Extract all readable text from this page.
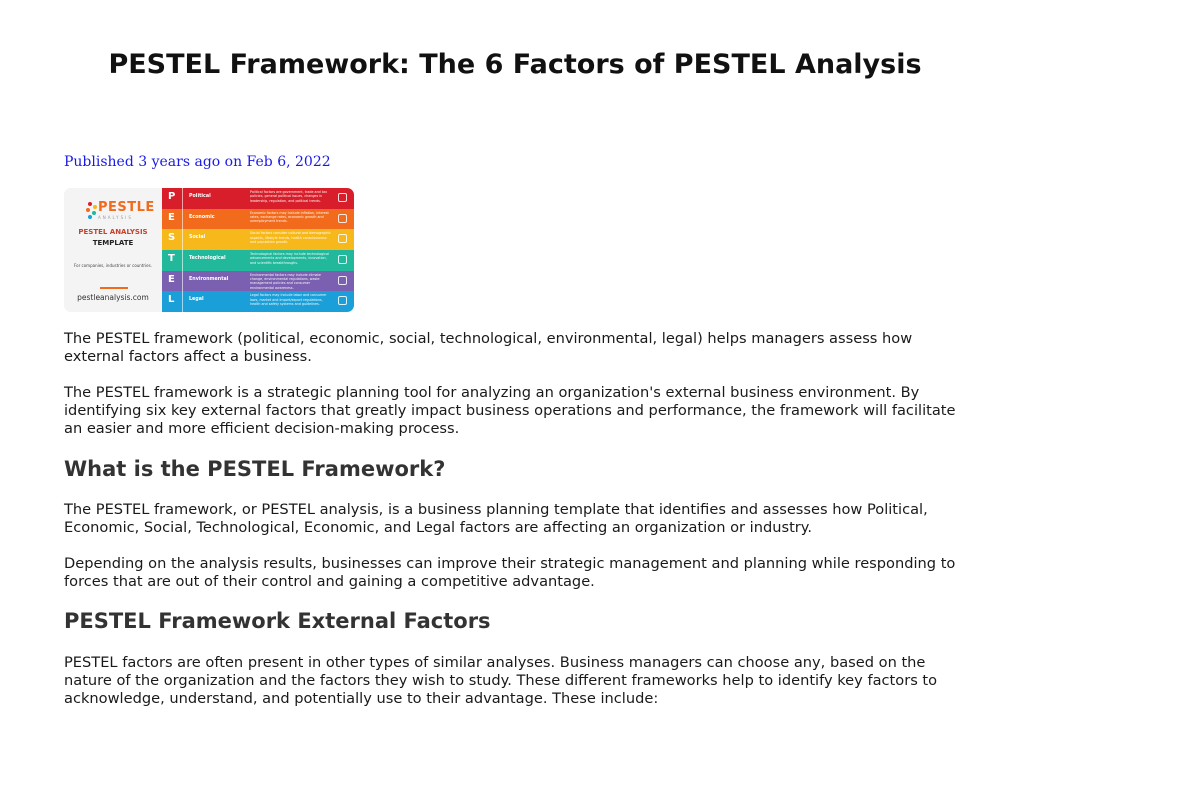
PESTEL Framework: The 6 Factors of PESTEL Analysis

Published 3 years ago on Feb 6, 2022

PESTLE
ANALYSIS
PESTEL ANALYSIS
TEMPLATE
For companies, industries or countries.
pestleanalysis.com
P	Political
Political factors are government, trade and tax policies, general political issues, changes in leadership, regulation, and political trends.
E	Economic
Economic factors may include inflation, interest rates, exchange rates, economic growth and unemployment trends.
S	Social
Social factors consider cultural and demographic aspects, lifestyle trends, health consciousness and population growth.
T	Technological
Technological factors may include technological advancements and developments, innovation, and scientific breakthroughs.
E	Environmental
Environmental factors may include climate change, environmental regulations, waste management policies and consumer environmental awareness.
L	Legal
Legal factors may include labor and consumer laws, market and import/export regulations, health and safety systems and guidelines.

The PESTEL framework (political, economic, social, technological, environmental, legal) helps managers assess how external factors affect a business.

The PESTEL framework is a strategic planning tool for analyzing an organization's external business environment. By identifying six key external factors that greatly impact business operations and performance, the framework will facilitate an easier and more efficient decision-making process.

What is the PESTEL Framework?

The PESTEL framework, or PESTEL analysis, is a business planning template that identifies and assesses how Political, Economic, Social, Technological, Economic, and Legal factors are affecting an organization or industry.

Depending on the analysis results, businesses can improve their strategic management and planning while responding to forces that are out of their control and gaining a competitive advantage.

PESTEL Framework External Factors

PESTEL factors are often present in other types of similar analyses. Business managers can choose any, based on the nature of the organization and the factors they wish to study. These different frameworks help to identify key factors to acknowledge, understand, and potentially use to their advantage. These include:
